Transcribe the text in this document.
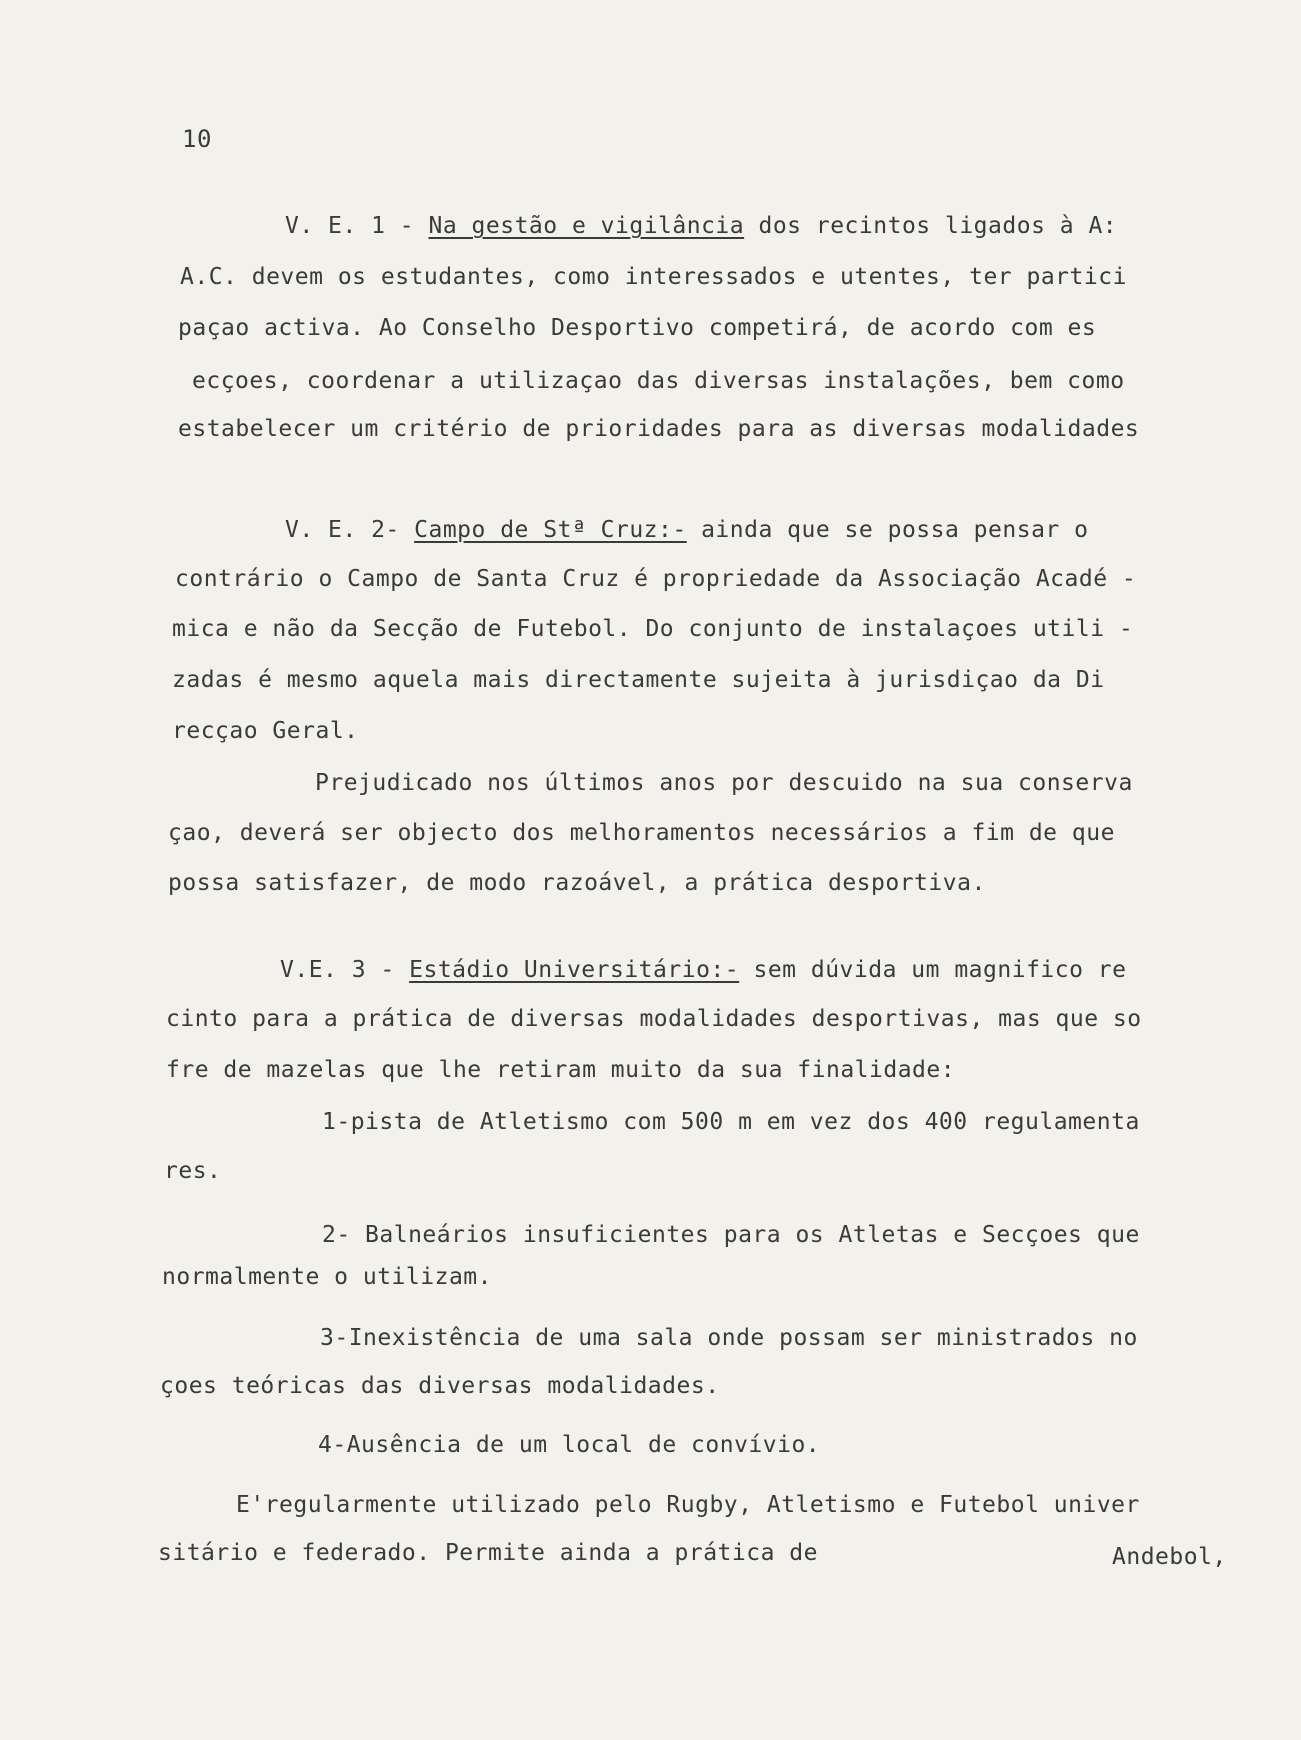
10
V. E. 1 - Na gestão e vigilância dos recintos ligados à A:
A.C. devem os estudantes, como interessados e utentes, ter partici
paçao activa. Ao Conselho Desportivo competirá, de acordo com es
ecçoes, coordenar a utilizaçao das diversas instalações, bem como
estabelecer um critério de prioridades para as diversas modalidades
V. E. 2- Campo de Stª Cruz:- ainda que se possa pensar o
contrário o Campo de Santa Cruz é propriedade da Associação Acadé -
mica e não da Secção de Futebol. Do conjunto de instalaçoes utili -
zadas é mesmo aquela mais directamente sujeita à jurisdiçao da Di
recçao Geral.
Prejudicado nos últimos anos por descuido na sua conserva
çao, deverá ser objecto dos melhoramentos necessários a fim de que
possa satisfazer, de modo razoável, a prática desportiva.
V.E. 3 - Estádio Universitário:- sem dúvida um magnifico re
cinto para a prática de diversas modalidades desportivas, mas que so
fre de mazelas que lhe retiram muito da sua finalidade:
1-pista de Atletismo com 500 m em vez dos 400 regulamenta
res.
2- Balneários insuficientes para os Atletas e Secçoes que
normalmente o utilizam.
3-Inexistência de uma sala onde possam ser ministrados no
çoes teóricas das diversas modalidades.
4-Ausência de um local de convívio.
E'regularmente utilizado pelo Rugby, Atletismo e Futebol univer
sitário e federado. Permite ainda a prática de	Andebol,
